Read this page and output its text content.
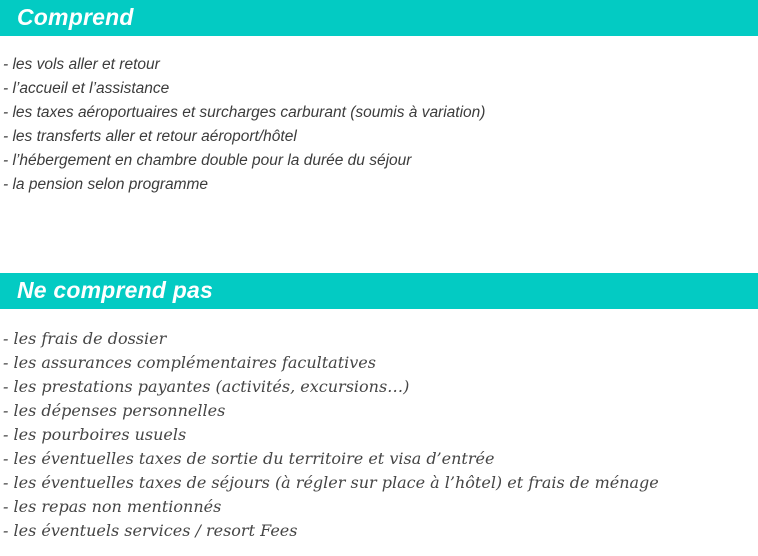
Comprend
- les vols aller et retour
- l’accueil et l’assistance
- les taxes aéroportuaires et surcharges carburant (soumis à variation)
- les transferts aller et retour aéroport/hôtel
- l’hébergement en chambre double pour la durée du séjour
- la pension selon programme
Ne comprend pas
- les frais de dossier
- les assurances complémentaires facultatives
- les prestations payantes (activités, excursions…)
- les dépenses personnelles
- les pourboires usuels
- les éventuelles taxes de sortie du territoire et visa d’entrée
- les éventuelles taxes de séjours (à régler sur place à l’hôtel) et frais de ménage
- les repas non mentionnés
- les éventuels services / resort Fees
